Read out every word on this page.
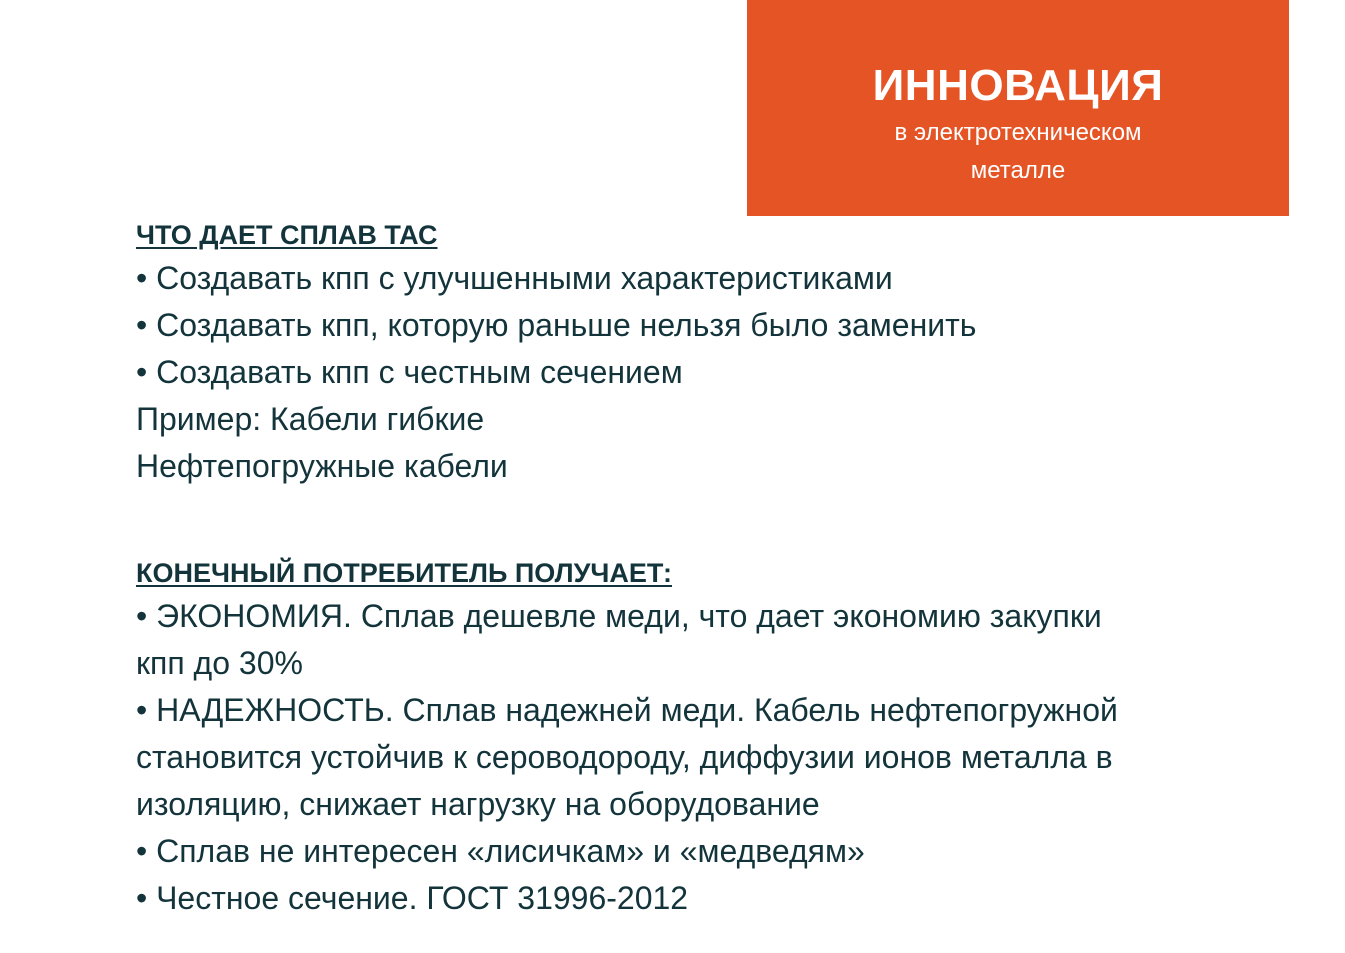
ИННОВАЦИЯ
в электротехническом металле
ЧТО ДАЕТ СПЛАВ ТАС
• Создавать кпп с улучшенными характеристиками
• Создавать кпп, которую раньше нельзя было заменить
• Создавать кпп с честным сечением
Пример: Кабели гибкие
Нефтепогружные кабели
КОНЕЧНЫЙ ПОТРЕБИТЕЛЬ ПОЛУЧАЕТ:
• ЭКОНОМИЯ. Сплав дешевле меди, что дает экономию закупки
кпп до 30%
• НАДЕЖНОСТЬ. Сплав надежней меди. Кабель нефтепогружной
становится устойчив к сероводороду, диффузии ионов металла в
изоляцию, снижает нагрузку на оборудование
• Сплав не интересен «лисичкам» и «медведям»
• Честное сечение. ГОСТ 31996-2012
